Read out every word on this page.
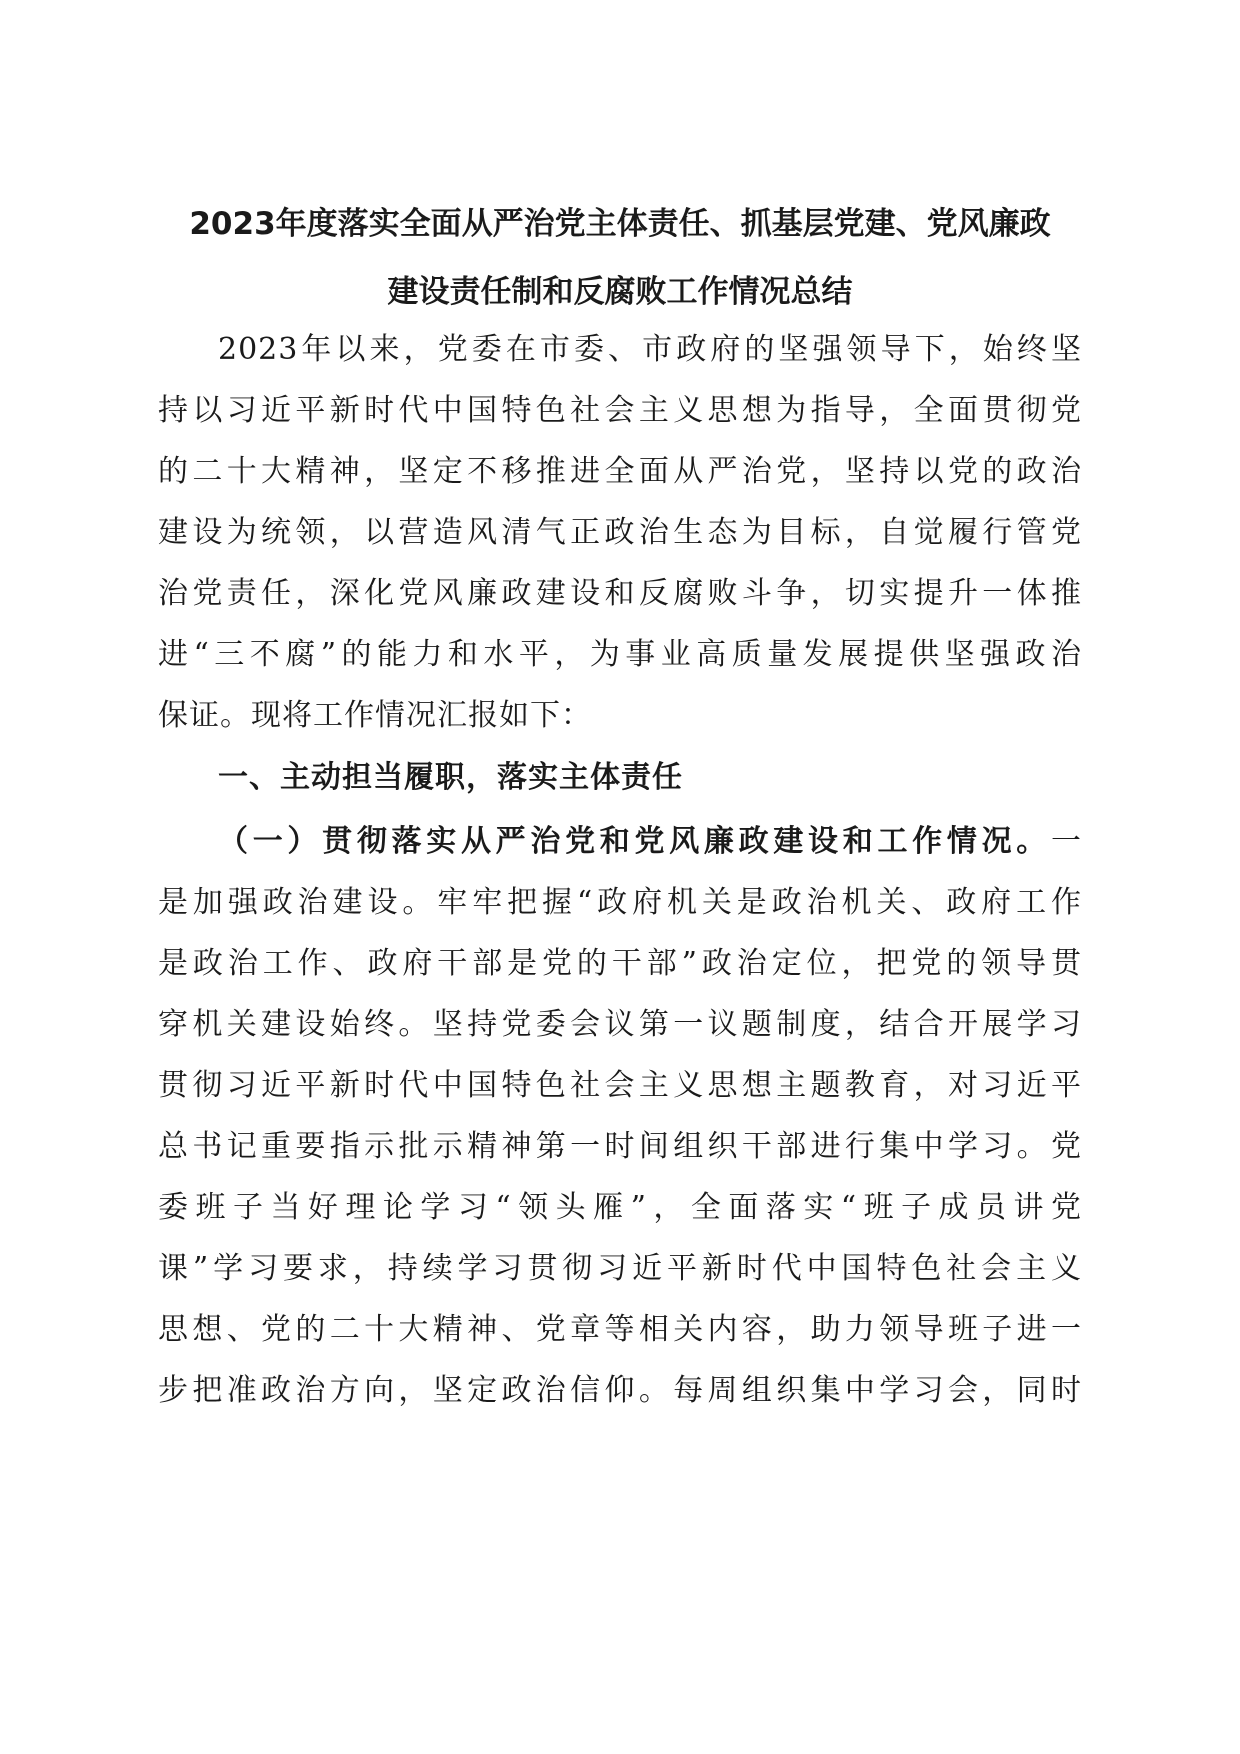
2023年度落实全面从严治党主体责任、抓基层党建、党风廉政
建设责任制和反腐败工作情况总结
2023年以来，党委在市委、市政府的坚强领导下，始终坚
持以习近平新时代中国特色社会主义思想为指导，全面贯彻党
的二十大精神，坚定不移推进全面从严治党，坚持以党的政治
建设为统领，以营造风清气正政治生态为目标，自觉履行管党
治党责任，深化党风廉政建设和反腐败斗争，切实提升一体推
进“三不腐”的能力和水平，为事业高质量发展提供坚强政治
保证。现将工作情况汇报如下：
一、主动担当履职，落实主体责任
（一）贯彻落实从严治党和党风廉政建设和工作情况。一
是加强政治建设。牢牢把握“政府机关是政治机关、政府工作
是政治工作、政府干部是党的干部”政治定位，把党的领导贯
穿机关建设始终。坚持党委会议第一议题制度，结合开展学习
贯彻习近平新时代中国特色社会主义思想主题教育，对习近平
总书记重要指示批示精神第一时间组织干部进行集中学习。党
委班子当好理论学习“领头雁”，全面落实“班子成员讲党
课”学习要求，持续学习贯彻习近平新时代中国特色社会主义
思想、党的二十大精神、党章等相关内容，助力领导班子进一
步把准政治方向，坚定政治信仰。每周组织集中学习会，同时
